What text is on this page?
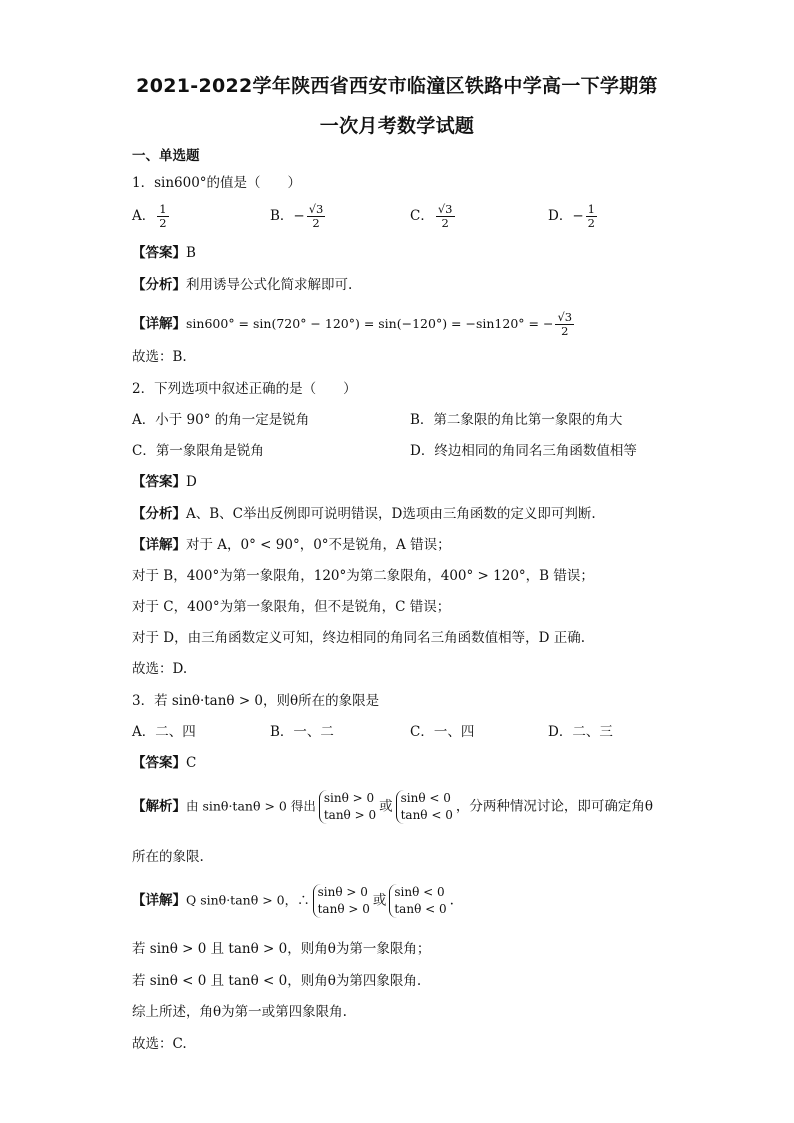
2021-2022学年陕西省西安市临潼区铁路中学高一下学期第
一次月考数学试题
一、单选题
1．sin600°的值是（　　）
A． $\frac{1}{2}$	B．− $\frac{√3}{2}$	C． $\frac{√3}{2}$	D．− $\frac{1}{2}$
【答案】B
【分析】利用诱导公式化简求解即可.
【详解】sin600° = sin(720° − 120°) = sin(−120°) = −sin120° = − $\frac{√3}{2}$
故选：B.
2．下列选项中叙述正确的是（　　）
A．小于 90° 的角一定是锐角	B．第二象限的角比第一象限的角大
C．第一象限角是锐角	D．终边相同的角同名三角函数值相等
【答案】D
【分析】A、B、C举出反例即可说明错误，D选项由三角函数的定义即可判断.
【详解】对于 A，0° < 90°，0°不是锐角，A 错误；
对于 B，400°为第一象限角，120°为第二象限角，400° > 120°，B 错误；
对于 C，400°为第一象限角，但不是锐角，C 错误；
对于 D，由三角函数定义可知，终边相同的角同名三角函数值相等，D 正确.
故选：D.
3．若 sinθ·tanθ > 0，则θ所在的象限是
A．二、四	B．一、二	C．一、四	D．二、三
【答案】C
【解析】由 sinθ·tanθ > 0 得出
sinθ > 0
tanθ > 0
或
sinθ < 0
tanθ < 0
，分两种情况讨论，即可确定角θ
所在的象限.
【详解】Q sinθ·tanθ > 0，∴
sinθ > 0
tanθ > 0
或
sinθ < 0
tanθ < 0
.
若 sinθ > 0 且 tanθ > 0，则角θ为第一象限角；
若 sinθ < 0 且 tanθ < 0，则角θ为第四象限角.
综上所述，角θ为第一或第四象限角.
故选：C.
